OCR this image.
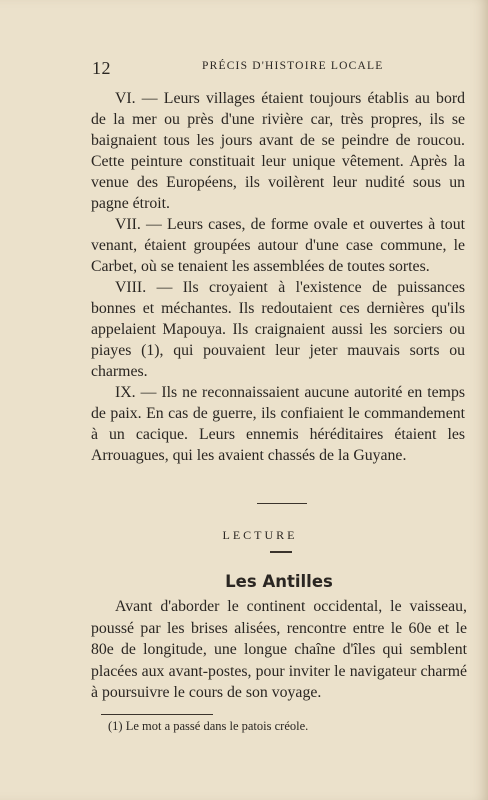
12	PRÉCIS D'HISTOIRE LOCALE

VI. — Leurs villages étaient toujours établis au bord de la mer ou près d'une rivière car, très propres, ils se baignaient tous les jours avant de se peindre de roucou. Cette peinture constituait leur unique vêtement. Après la venue des Européens, ils voilèrent leur nudité sous un pagne étroit.

VII. — Leurs cases, de forme ovale et ouvertes à tout venant, étaient groupées autour d'une case commune, le Carbet, où se tenaient les assemblées de toutes sortes.

VIII. — Ils croyaient à l'existence de puissances bonnes et méchantes. Ils redoutaient ces dernières qu'ils appelaient Mapouya. Ils craignaient aussi les sorciers ou piayes (1), qui pouvaient leur jeter mauvais sorts ou charmes.

IX. — Ils ne reconnaissaient aucune autorité en temps de paix. En cas de guerre, ils confiaient le commandement à un cacique. Leurs ennemis héréditaires étaient les Arrouagues, qui les avaient chassés de la Guyane.

LECTURE
Les Antilles

Avant d'aborder le continent occidental, le vaisseau, poussé par les brises alisées, rencontre entre le 60e et le 80e de longitude, une longue chaîne d'îles qui semblent placées aux avant-postes, pour inviter le navigateur charmé à poursuivre le cours de son voyage.

(1) Le mot a passé dans le patois créole.
